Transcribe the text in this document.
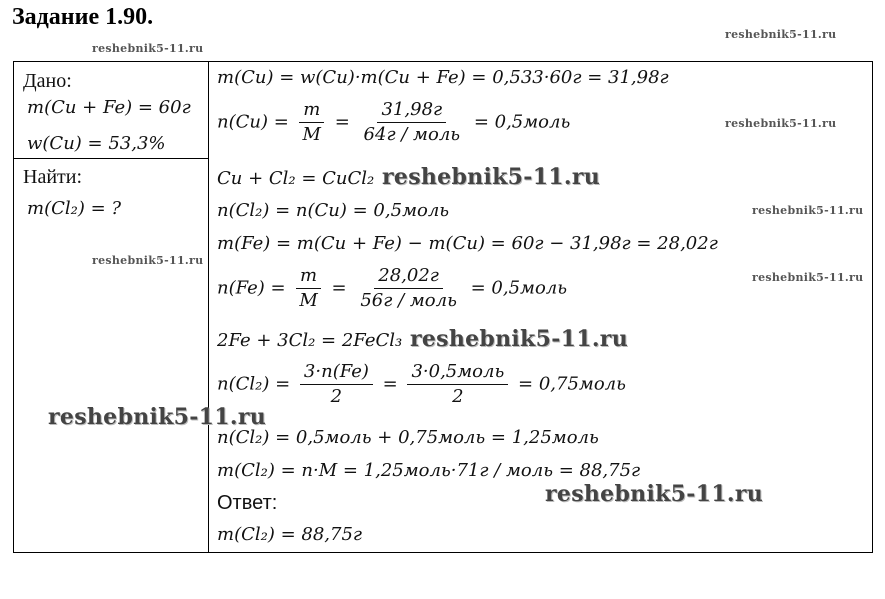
Задание 1.90.
reshebnik5-11.ru
reshebnik5-11.ru
reshebnik5-11.ru
reshebnik5-11.ru
reshebnik5-11.ru
reshebnik5-11.ru
Дано:
m(Cu + Fe) = 60г
w(Cu) = 53,3%
Найти:
m(Cl₂) = ?
m(Cu) = w(Cu)·m(Cu + Fe) = 0,533·60г = 31,98г
$n(Cu) = \frac{m}{M} = \frac{31,98г}{\text{64г / моль}}$ = 0,5моль
Cu + Cl₂ = CuCl₂ reshebnik5-11.ru
n(Cl₂) = n(Cu) = 0,5моль
m(Fe) = m(Cu + Fe) − m(Cu) = 60г − 31,98г = 28,02г
$n(Fe) = \frac{m}{M} = \frac{28,02г}{\text{56г / моль}}$ = 0,5моль
2Fe + 3Cl₂ = 2FeCl₃ reshebnik5-11.ru
$n(Cl_2) = \frac{3\cdot n(Fe)}{2} = \frac{\text{3·0,5моль}}{2}$ = 0,75моль
n(Cl₂) = 0,5моль + 0,75моль = 1,25моль
m(Cl₂) = n·M = 1,25моль·71г / моль = 88,75г
Ответ:
m(Cl₂) = 88,75г
reshebnik5-11.ru
reshebnik5-11.ru
